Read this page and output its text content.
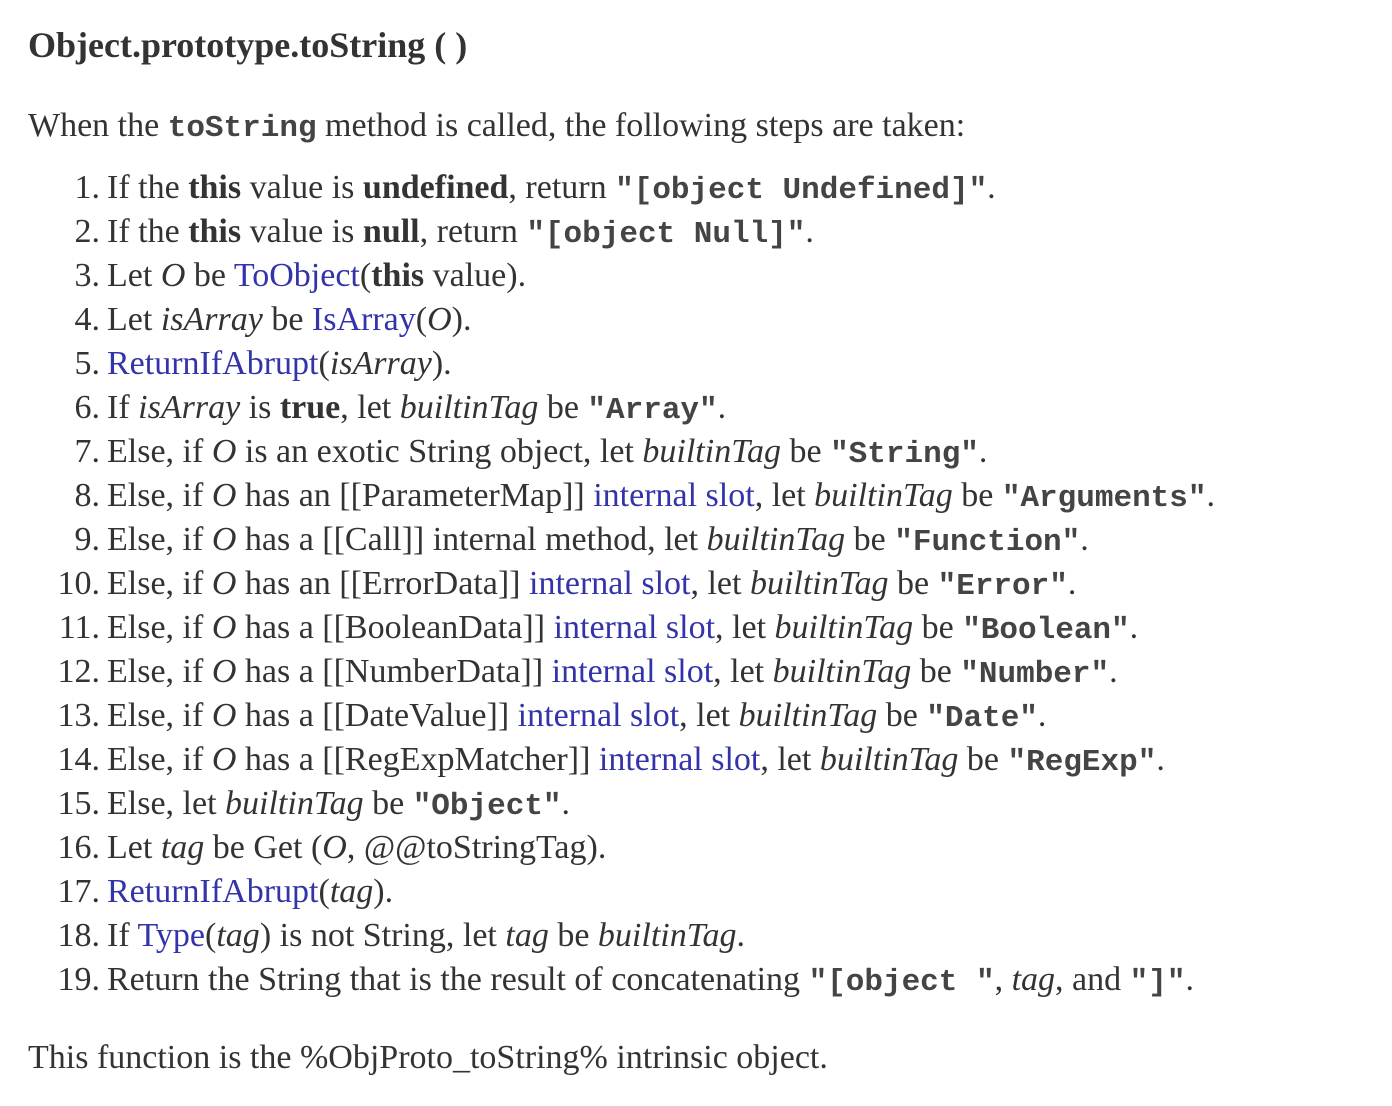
Object.prototype.toString ( )

When the toString method is called, the following steps are taken:

1. If the this value is undefined, return "[object Undefined]".
2. If the this value is null, return "[object Null]".
3. Let O be ToObject(this value).
4. Let isArray be IsArray(O).
5. ReturnIfAbrupt(isArray).
6. If isArray is true, let builtinTag be "Array".
7. Else, if O is an exotic String object, let builtinTag be "String".
8. Else, if O has an [[ParameterMap]] internal slot, let builtinTag be "Arguments".
9. Else, if O has a [[Call]] internal method, let builtinTag be "Function".
10. Else, if O has an [[ErrorData]] internal slot, let builtinTag be "Error".
11. Else, if O has a [[BooleanData]] internal slot, let builtinTag be "Boolean".
12. Else, if O has a [[NumberData]] internal slot, let builtinTag be "Number".
13. Else, if O has a [[DateValue]] internal slot, let builtinTag be "Date".
14. Else, if O has a [[RegExpMatcher]] internal slot, let builtinTag be "RegExp".
15. Else, let builtinTag be "Object".
16. Let tag be Get (O, @@toStringTag).
17. ReturnIfAbrupt(tag).
18. If Type(tag) is not String, let tag be builtinTag.
19. Return the String that is the result of concatenating "[object ", tag, and "]".

This function is the %ObjProto_toString% intrinsic object.
